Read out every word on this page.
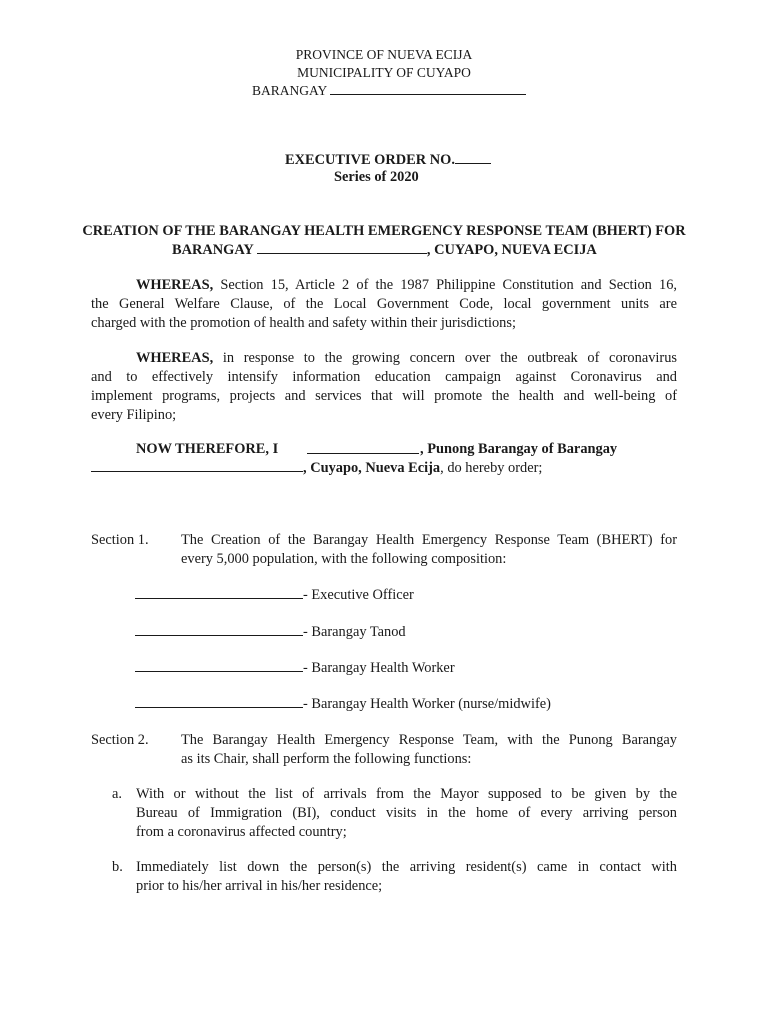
PROVINCE OF NUEVA ECIJA
MUNICIPALITY OF CUYAPO
BARANGAY
EXECUTIVE ORDER NO.
Series of 2020
CREATION OF THE BARANGAY HEALTH EMERGENCY RESPONSE TEAM (BHERT) FOR
BARANGAY	, CUYAPO, NUEVA ECIJA
WHEREAS, Section 15, Article 2 of the 1987 Philippine Constitution and Section 16,
the General Welfare Clause, of the Local Government Code, local government units are
charged with the promotion of health and safety within their jurisdictions;
WHEREAS, in response to the growing concern over the outbreak of coronavirus
and to effectively intensify information education campaign against Coronavirus and
implement programs, projects and services that will promote the health and well-being of
every Filipino;
NOW THEREFORE, I	, Punong Barangay of Barangay
, Cuyapo, Nueva Ecija, do hereby order;
Section 1. The Creation of the Barangay Health Emergency Response Team (BHERT) for
every 5,000 population, with the following composition:
- Executive Officer
- Barangay Tanod
- Barangay Health Worker
- Barangay Health Worker (nurse/midwife)
Section 2. The Barangay Health Emergency Response Team, with the Punong Barangay
as its Chair, shall perform the following functions:
a. With or without the list of arrivals from the Mayor supposed to be given by the
Bureau of Immigration (BI), conduct visits in the home of every arriving person
from a coronavirus affected country;
b. Immediately list down the person(s) the arriving resident(s) came in contact with
prior to his/her arrival in his/her residence;
